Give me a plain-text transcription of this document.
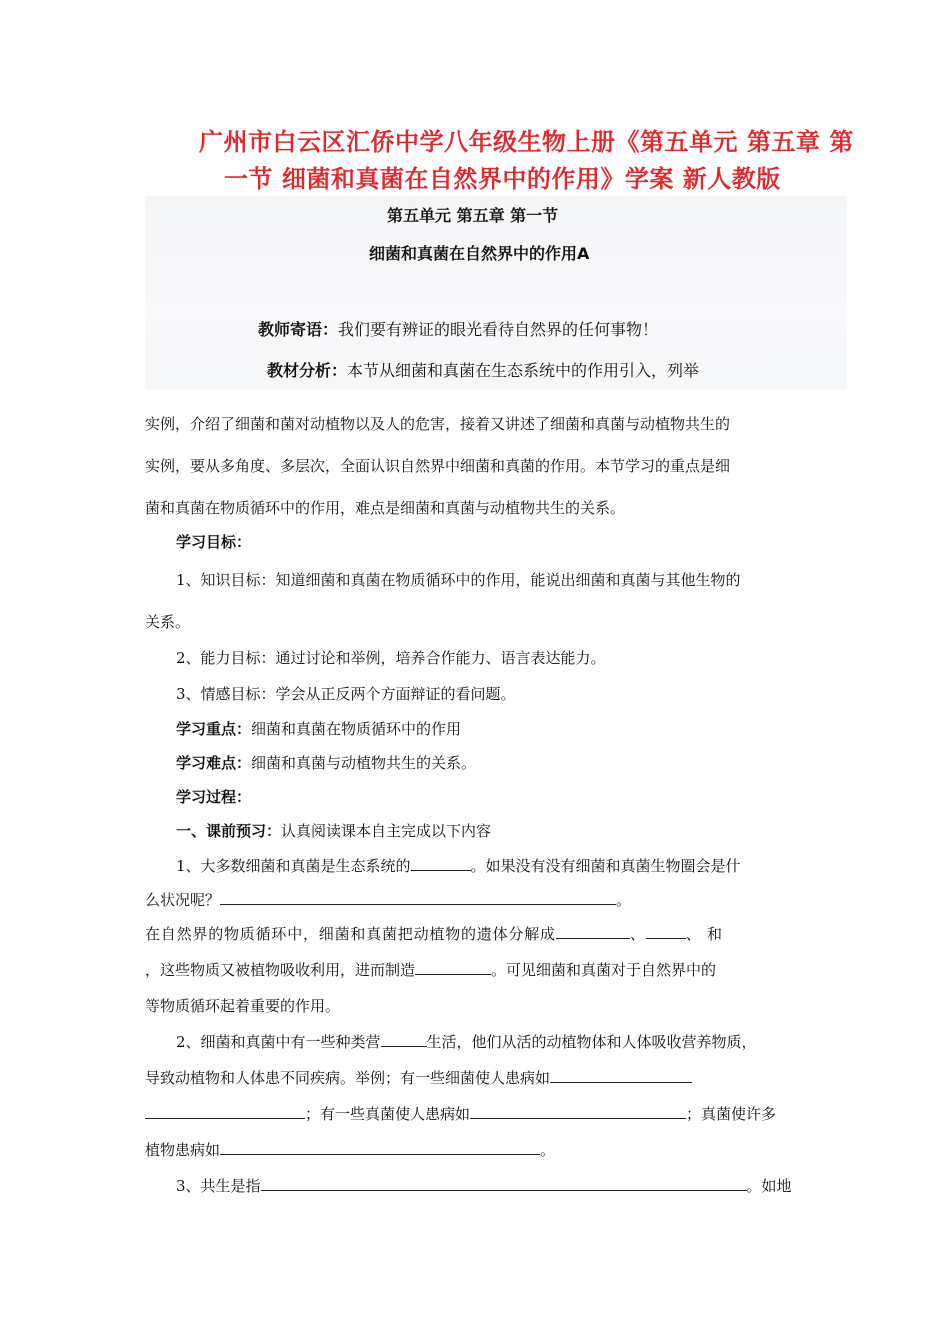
广州市白云区汇侨中学八年级生物上册《第五单元 第五章 第
一节 细菌和真菌在自然界中的作用》学案 新人教版
第五单元 第五章 第一节
细菌和真菌在自然界中的作用A
教师寄语：我们要有辨证的眼光看待自然界的任何事物！
教材分析：本节从细菌和真菌在生态系统中的作用引入，列举
实例，介绍了细菌和菌对动植物以及人的危害，接着又讲述了细菌和真菌与动植物共生的
实例，要从多角度、多层次，全面认识自然界中细菌和真菌的作用。本节学习的重点是细
菌和真菌在物质循环中的作用，难点是细菌和真菌与动植物共生的关系。
学习目标：
1、知识目标：知道细菌和真菌在物质循环中的作用，能说出细菌和真菌与其他生物的
关系。
2、能力目标：通过讨论和举例，培养合作能力、语言表达能力。
3、情感目标：学会从正反两个方面辩证的看问题。
学习重点：细菌和真菌在物质循环中的作用
学习难点：细菌和真菌与动植物共生的关系。
学习过程：
一、课前预习：认真阅读课本自主完成以下内容
1、大多数细菌和真菌是生态系统的	。如果没有没有细菌和真菌生物圈会是什
么状况呢？	。
在自然界的物质循环中，细菌和真菌把动植物的遗体分解成	、	、 和
，这些物质又被植物吸收利用，进而制造	。可见细菌和真菌对于自然界中的
等物质循环起着重要的作用。
2、细菌和真菌中有一些种类营	生活，他们从活的动植物体和人体吸收营养物质，
导致动植物和人体患不同疾病。举例；有一些细菌使人患病如
；有一些真菌使人患病如	；真菌使许多
植物患病如	。
3、共生是指	。如地
